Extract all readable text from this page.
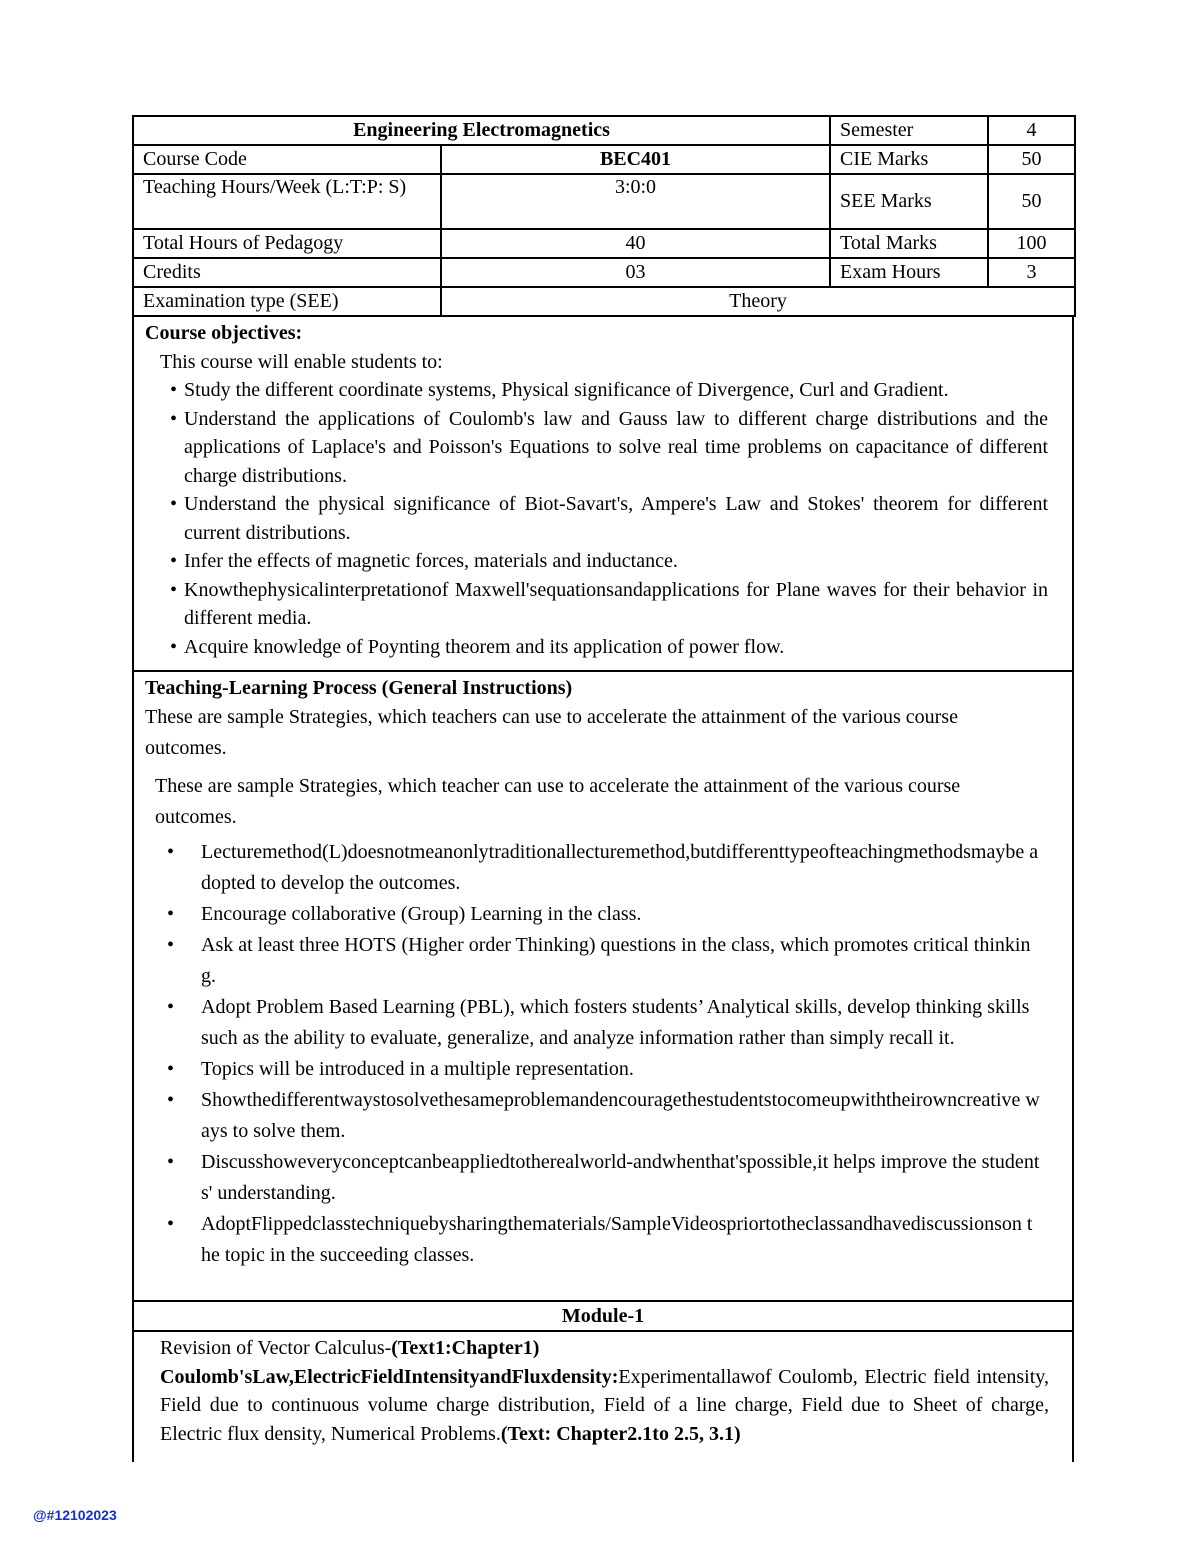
Engineering Electromagnetics		Semester	4
Course Code	BEC401	CIE Marks	50
Teaching Hours/Week (L:T:P: S)	3:0:0	SEE Marks	50
Total Hours of Pedagogy	40	Total Marks	100
Credits	03	Exam Hours	3
Examination type (SEE)	Theory		
Course objectives:
This course will enable students to:
• Study the different coordinate systems, Physical significance of Divergence, Curl and Gradient.
• Understand the applications of Coulomb's law and Gauss law to different charge distributions and the applications of Laplace's and Poisson's Equations to solve real time problems on capacitance of different charge distributions.
• Understand the physical significance of Biot-Savart's, Ampere's Law and Stokes' theorem for different current distributions.
• Infer the effects of magnetic forces, materials and inductance.
• Knowthephysicalinterpretationof Maxwell'sequationsandapplications for Plane waves for their behavior in different media.
• Acquire knowledge of Poynting theorem and its application of power flow.
Teaching-Learning Process (General Instructions)
These are sample Strategies, which teachers can use to accelerate the attainment of the various course outcomes.
These are sample Strategies, which teacher can use to accelerate the attainment of the various course outcomes.
• Lecturemethod(L)doesnotmeanonlytraditionallecturemethod,butdifferenttypeofteachingmethodsmaybe adopted to develop the outcomes.
• Encourage collaborative (Group) Learning in the class.
• Ask at least three HOTS (Higher order Thinking) questions in the class, which promotes critical thinking.
• Adopt Problem Based Learning (PBL), which fosters students’ Analytical skills, develop thinking skills such as the ability to evaluate, generalize, and analyze information rather than simply recall it.
• Topics will be introduced in a multiple representation.
• Showthedifferentwaystosolvethesameproblemandencouragethestudentstocomeupwiththeirowncreative ways to solve them.
• Discusshoweveryconceptcanbeappliedtotherealworld-andwhenthat'spossible,it helps improve the students' understanding.
• AdoptFlippedclasstechniquebysharingthematerials/SampleVideospriortotheclassandhavediscussionson the topic in the succeeding classes.
Module-1
Revision of Vector Calculus-(Text1:Chapter1)
Coulomb'sLaw,ElectricFieldIntensityandFluxdensity:Experimentallawof Coulomb, Electric field intensity, Field due to continuous volume charge distribution, Field of a line charge, Field due to Sheet of charge, Electric flux density, Numerical Problems.(Text: Chapter2.1to 2.5, 3.1)
@#12102023
